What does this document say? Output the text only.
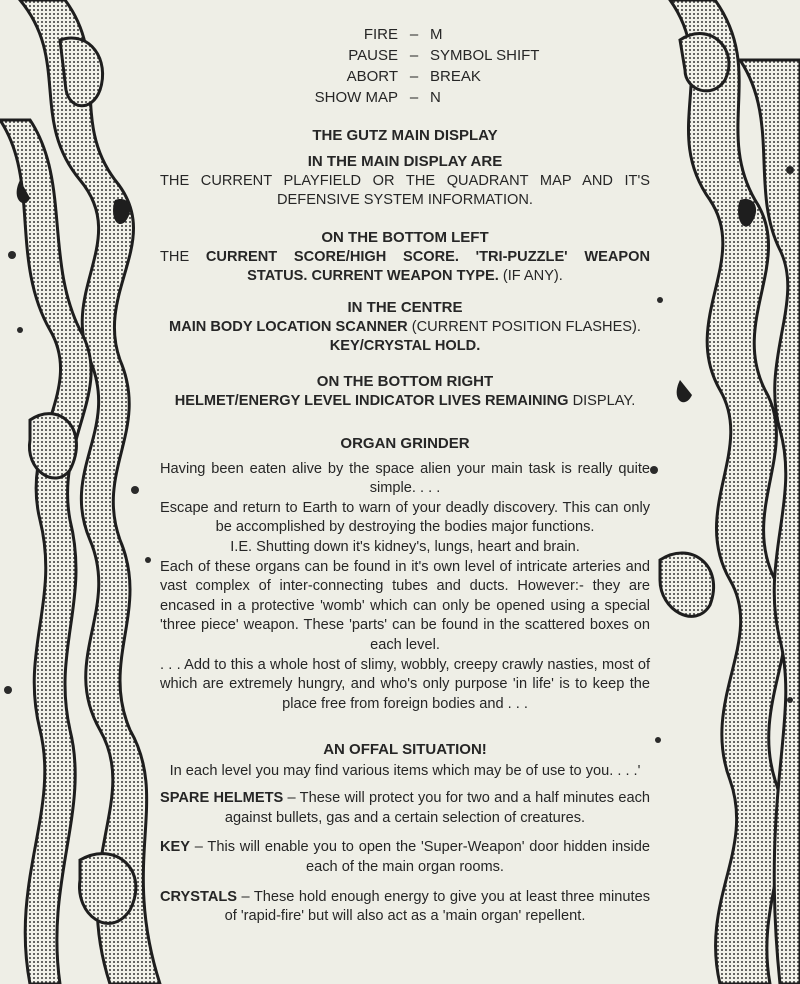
FIRE – M
PAUSE – SYMBOL SHIFT
ABORT – BREAK
SHOW MAP – N

THE GUTZ MAIN DISPLAY

IN THE MAIN DISPLAY ARE

THE CURRENT PLAYFIELD OR THE QUADRANT MAP AND IT'S DEFENSIVE SYSTEM INFORMATION.

ON THE BOTTOM LEFT

THE CURRENT SCORE/HIGH SCORE. 'TRI-PUZZLE' WEAPON STATUS. CURRENT WEAPON TYPE. (IF ANY).

IN THE CENTRE

MAIN BODY LOCATION SCANNER (CURRENT POSITION FLASHES).

KEY/CRYSTAL HOLD.

ON THE BOTTOM RIGHT

HELMET/ENERGY LEVEL INDICATOR LIVES REMAINING DISPLAY.

ORGAN GRINDER

Having been eaten alive by the space alien your main task is really quite simple. . . .

Escape and return to Earth to warn of your deadly discovery. This can only be accomplished by destroying the bodies major functions.

I.E. Shutting down it's kidney's, lungs, heart and brain.

Each of these organs can be found in it's own level of intricate arteries and vast complex of inter-connecting tubes and ducts. However:- they are encased in a protective 'womb' which can only be opened using a special 'three piece' weapon. These 'parts' can be found in the scattered boxes on each level.

. . . Add to this a whole host of slimy, wobbly, creepy crawly nasties, most of which are extremely hungry, and who's only purpose 'in life' is to keep the place free from foreign bodies and . . .

AN OFFAL SITUATION!

In each level you may find various items which may be of use to you. . . .'

SPARE HELMETS – These will protect you for two and a half minutes each against bullets, gas and a certain selection of creatures.

KEY – This will enable you to open the 'Super-Weapon' door hidden inside each of the main organ rooms.

CRYSTALS – These hold enough energy to give you at least three minutes of 'rapid-fire' but will also act as a 'main organ' repellent.
